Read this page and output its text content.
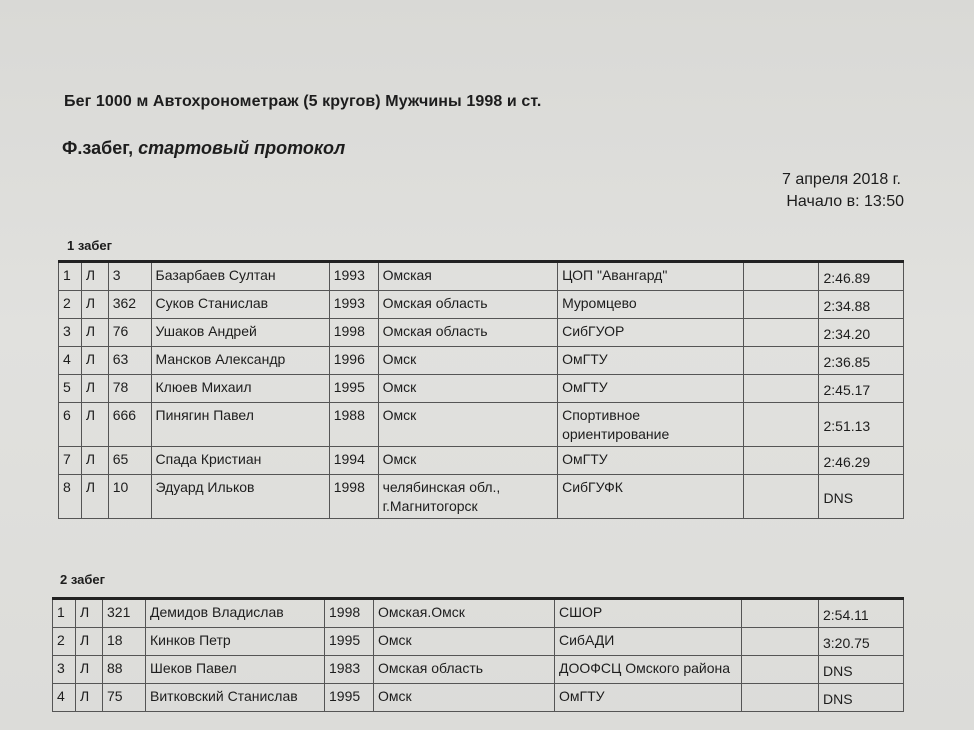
Бег 1000 м Автохронометраж (5 кругов) Мужчины 1998 и ст.
Ф.забег, стартовый протокол
7 апреля 2018 г.
Начало в: 13:50
1 забег
1	Л	3	Базарбаев Султан	1993	Омская	ЦОП "Авангард"		2:46.89
2	Л	362	Суков Станислав	1993	Омская область	Муромцево		2:34.88
3	Л	76	Ушаков Андрей	1998	Омская область	СибГУОР		2:34.20
4	Л	63	Мансков Александр	1996	Омск	ОмГТУ		2:36.85
5	Л	78	Клюев Михаил	1995	Омск	ОмГТУ		2:45.17
6	Л	666	Пинягин Павел	1988	Омск	Спортивное ориентирование		2:51.13
7	Л	65	Спада Кристиан	1994	Омск	ОмГТУ		2:46.29
8	Л	10	Эдуард Ильков	1998	челябинская обл., г.Магнитогорск	СибГУФК		DNS
2 забег
1	Л	321	Демидов Владислав	1998	Омская.Омск	СШОР		2:54.11
2	Л	18	Кинков Петр	1995	Омск	СибАДИ		3:20.75
3	Л	88	Шеков Павел	1983	Омская область	ДООФСЦ Омского района		DNS
4	Л	75	Витковский Станислав	1995	Омск	ОмГТУ		DNS
